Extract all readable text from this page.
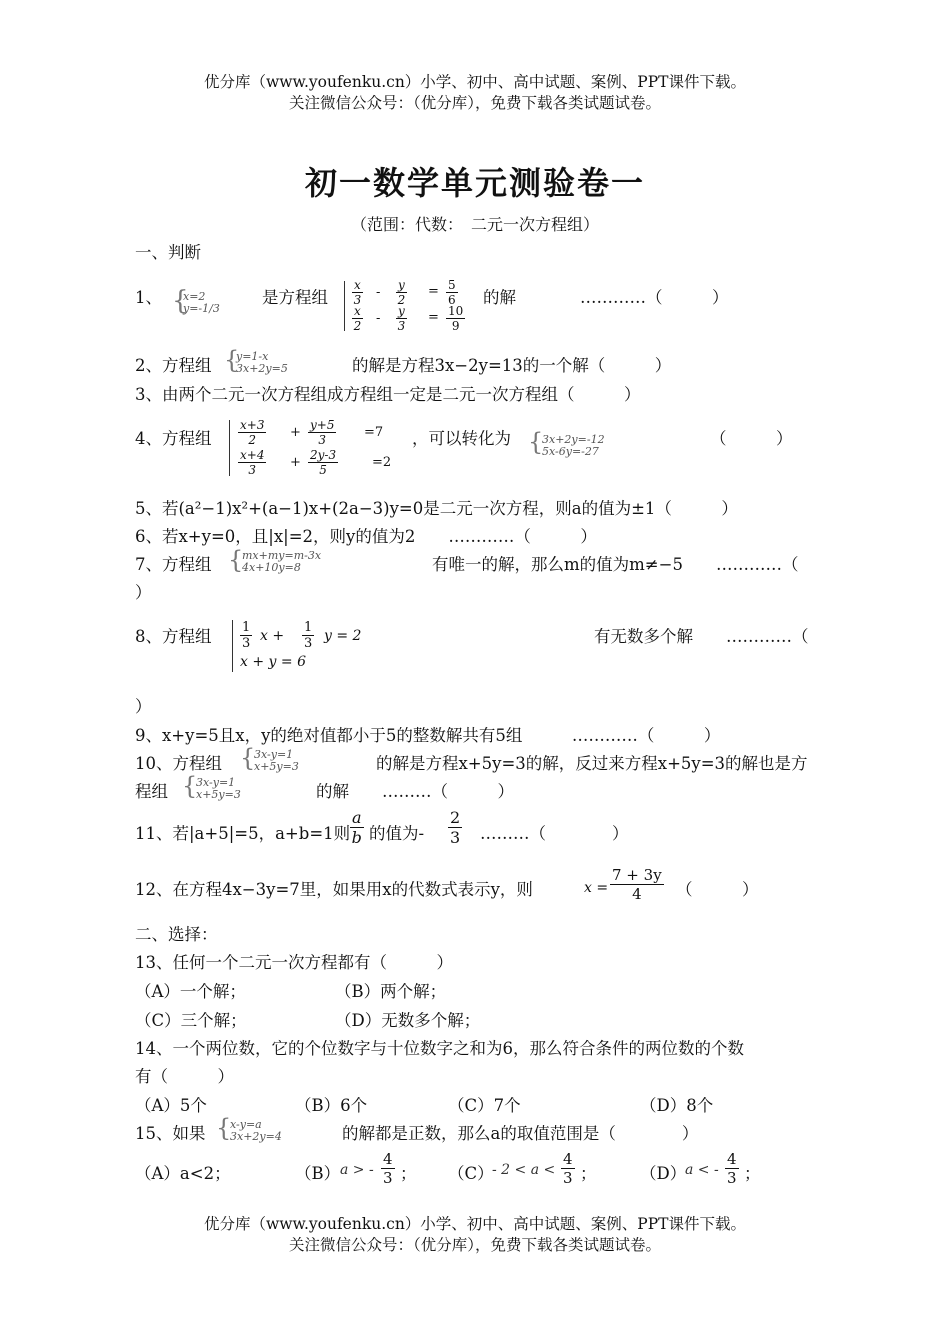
优分库（www.youfenku.cn）小学、初中、高中试题、案例、PPT课件下载。
关注微信公众号：（优分库），免费下载各类试题试卷。
初一数学单元测验卷一
（范围：代数：　二元一次方程组）
一、判断
1、 {
x=2
y=-1/3
是方程组 $\frac{x}{3} - \frac{y}{2} = \frac{5}{6}$
$\frac{x}{2} - \frac{y}{3} = \frac{10}{9}$
的解	…………（　　　）
2、方程组 {
y=1-x
3x+2y=5	的解是方程3x−2y=13的一个解（　　　）
3、由两个二元一次方程组成方程组一定是二元一次方程组（　　　）
4、方程组 $\frac{x+3}{2} + \frac{y+5}{3} =7$
$\frac{x+4}{3} + \frac{2y-3}{5}$	=2
，可以转化为 {
3x+2y=-12
5x-6y=-27
（　　　）
5、若(a²−1)x²+(a−1)x+(2a−3)y=0是二元一次方程，则a的值为±1（　　　）
6、若x+y=0，且|x|=2，则y的值为2　　…………（　　　）
7、方程组 {
mx+my=m-3x
4x+10y=8	有唯一的解，那么m的值为m≠−5　　…………（
）
8、方程组 $\frac{1}{3}$ $x + \frac{1}{3}$ y = 2
x + y = 6
有无数多个解　　…………（
）
9、x+y=5且x，y的绝对值都小于5的整数解共有5组　　　…………（　　　）
10、方程组 {
3x-y=1
x+5y=3	的解是方程x+5y=3的解，反过来方程x+5y=3的解也是方
程组 {
3x-y=1
x+5y=3	的解　　………（　　　）
11、若|a+5|=5，a+b=1则 $\frac{a}{b}$ 的值为- $\frac{2}{3}$ ………（　　　　）
12、在方程4x−3y=7里，如果用x的代数式表示y，则	$x = \frac{7 + 3y}{4}$ （　　　）
二、选择：
13、任何一个二元一次方程都有（　　　）
（A）一个解；	（B）两个解；
（C）三个解；	（D）无数多个解；
14、一个两位数，它的个位数字与十位数字之和为6，那么符合条件的两位数的个数
有（　　　）
（A）5个	（B）6个	（C）7个	（D）8个
15、如果 {
x-y=a
3x+2y=4	的解都是正数，那么a的取值范围是（　　　　）
（A）a<2；	（B） a > - $\frac{4}{3}$ ； （C）
- $2 < a < \frac{4}{3}$ ；	（D）
a < - $\frac{4}{3}$ ；
优分库（www.youfenku.cn）小学、初中、高中试题、案例、PPT课件下载。
关注微信公众号：（优分库），免费下载各类试题试卷。
